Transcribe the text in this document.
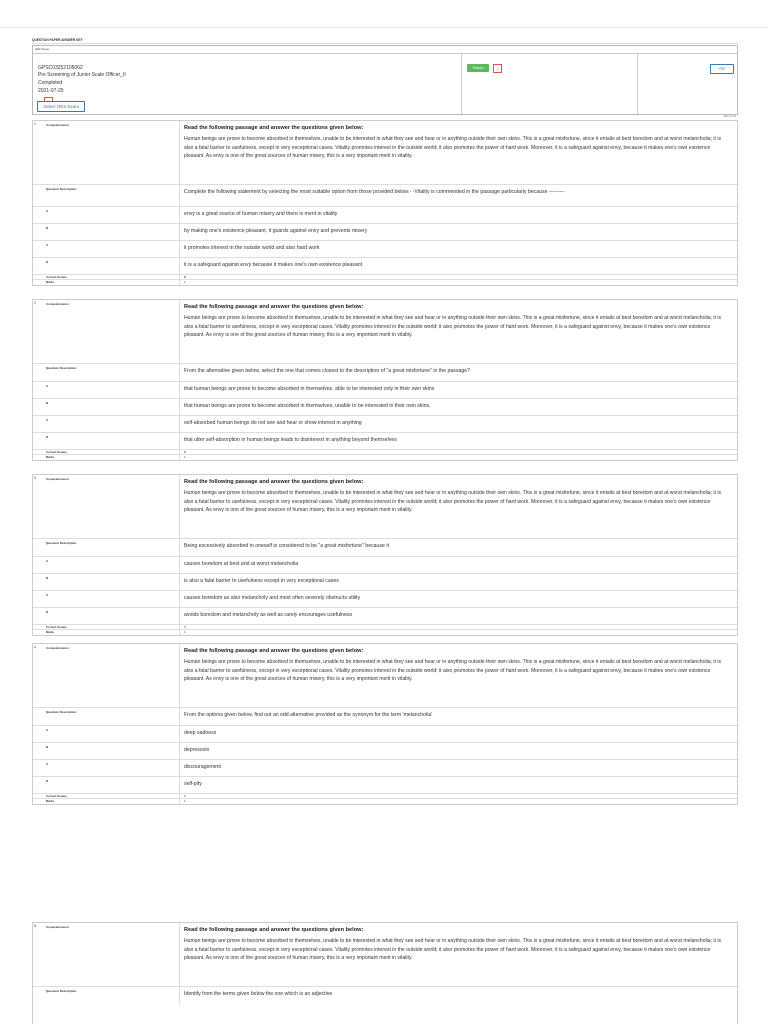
QUESTION PAPER ANSWER KEY
QID Name
GPSC03252105062
Pre Screening of Junior Scale Officer_II
Completed
2021-07-25
Search	×	PDF
Select OES Exam
Pa 1 of 9
1	Comprehension	Read the following passage and answer the questions given below:
Human beings are prone to become absorbed in themselves, unable to be interested in what they see and hear or in anything outside their own skins. This is a great misfortune, since it entails at best boredom and at worst melancholia; it is also a fatal barrier to usefulness, except in very exceptional cases. Vitality promotes interest in the outside world; it also promotes the power of hard work. Moreover, it is a safeguard against envy, because it makes one's own existence pleasant. As envy is one of the great sources of human misery, this is a very important merit in vitality.
Question Description	Complete the following statement by selecting the most suitable option from those provided below:- -Vitality is commended in the passage particularly because ---------
A	envy is a great source of human misery and there is merit in vitality
B	by making one's existence pleasant, it guards against envy and prevents misery
C	it promotes interest in the outside world and also hard work
D	it is a safeguard against envy because it makes one's own existence pleasant
Correct Answer	B
Marks	1
2	Comprehension	Read the following passage and answer the questions given below:
Human beings are prone to become absorbed in themselves, unable to be interested in what they see and hear or in anything outside their own skins. This is a great misfortune, since it entails at best boredom and at worst melancholia; it is also a fatal barrier to usefulness, except in very exceptional cases. Vitality promotes interest in the outside world; it also promotes the power of hard work. Moreover, it is a safeguard against envy, because it makes one's own existence pleasant. As envy is one of the great sources of human misery, this is a very important merit in vitality.
Question Description	From the alternative given below, select the one that comes closest to the description of "a great misfortune" in the passage?
A	that human beings are prone to become absorbed in themselves, able to be interested only in their own skins
B	that human beings are prone to become absorbed in themselves, unable to be interested in their own skins,
C	self-absorbed human beings do not see and hear or show interest in anything
D	that utter self-absorption in human beings leads to disinterest in anything beyond themselves
Correct Answer	D
Marks	1
3	Comprehension	Read the following passage and answer the questions given below:
Human beings are prone to become absorbed in themselves, unable to be interested in what they see and hear or in anything outside their own skins. This is a great misfortune, since it entails at best boredom and at worst melancholia; it is also a fatal barrier to usefulness, except in very exceptional cases. Vitality promotes interest in the outside world; it also promotes the power of hard work. Moreover, it is a safeguard against envy, because it makes one's own existence pleasant. As envy is one of the great sources of human misery, this is a very important merit in vitality.
Question Description	Being excessively absorbed in oneself is considered to be "a great misfortune" because it
A	causes boredom at best and at worst melancholia
B	is also a fatal barrier to usefulness except in very exceptional cases
C	causes boredom as also melancholy and most often severely obstructs utility
D	avoids boredom and melancholy as well as rarely encourages usefulness
Correct Answer	C
Marks	1
4	Comprehension	Read the following passage and answer the questions given below:
Human beings are prone to become absorbed in themselves, unable to be interested in what they see and hear or in anything outside their own skins. This is a great misfortune, since it entails at best boredom and at worst melancholia; it is also a fatal barrier to usefulness, except in very exceptional cases. Vitality promotes interest in the outside world; it also promotes the power of hard work. Moreover, it is a safeguard against envy, because it makes one's own existence pleasant. As envy is one of the great sources of human misery, this is a very important merit in vitality.
Question Description	From the options given below, find out an odd alternative provided as the synonym for the term 'melancholia'
A	deep sadness
B	depression
C	discouragement
D	self-pity
Correct Answer	C
Marks	1
5	Comprehension	Read the following passage and answer the questions given below:
Human beings are prone to become absorbed in themselves, unable to be interested in what they see and hear or in anything outside their own skins. This is a great misfortune, since it entails at best boredom and at worst melancholia; it is also a fatal barrier to usefulness, except in very exceptional cases. Vitality promotes interest in the outside world; it also promotes the power of hard work. Moreover, it is a safeguard against envy, because it makes one's own existence pleasant. As envy is one of the great sources of human misery, this is a very important merit in vitality.
Question Description	Identify from the terms given below the one which is an adjective
